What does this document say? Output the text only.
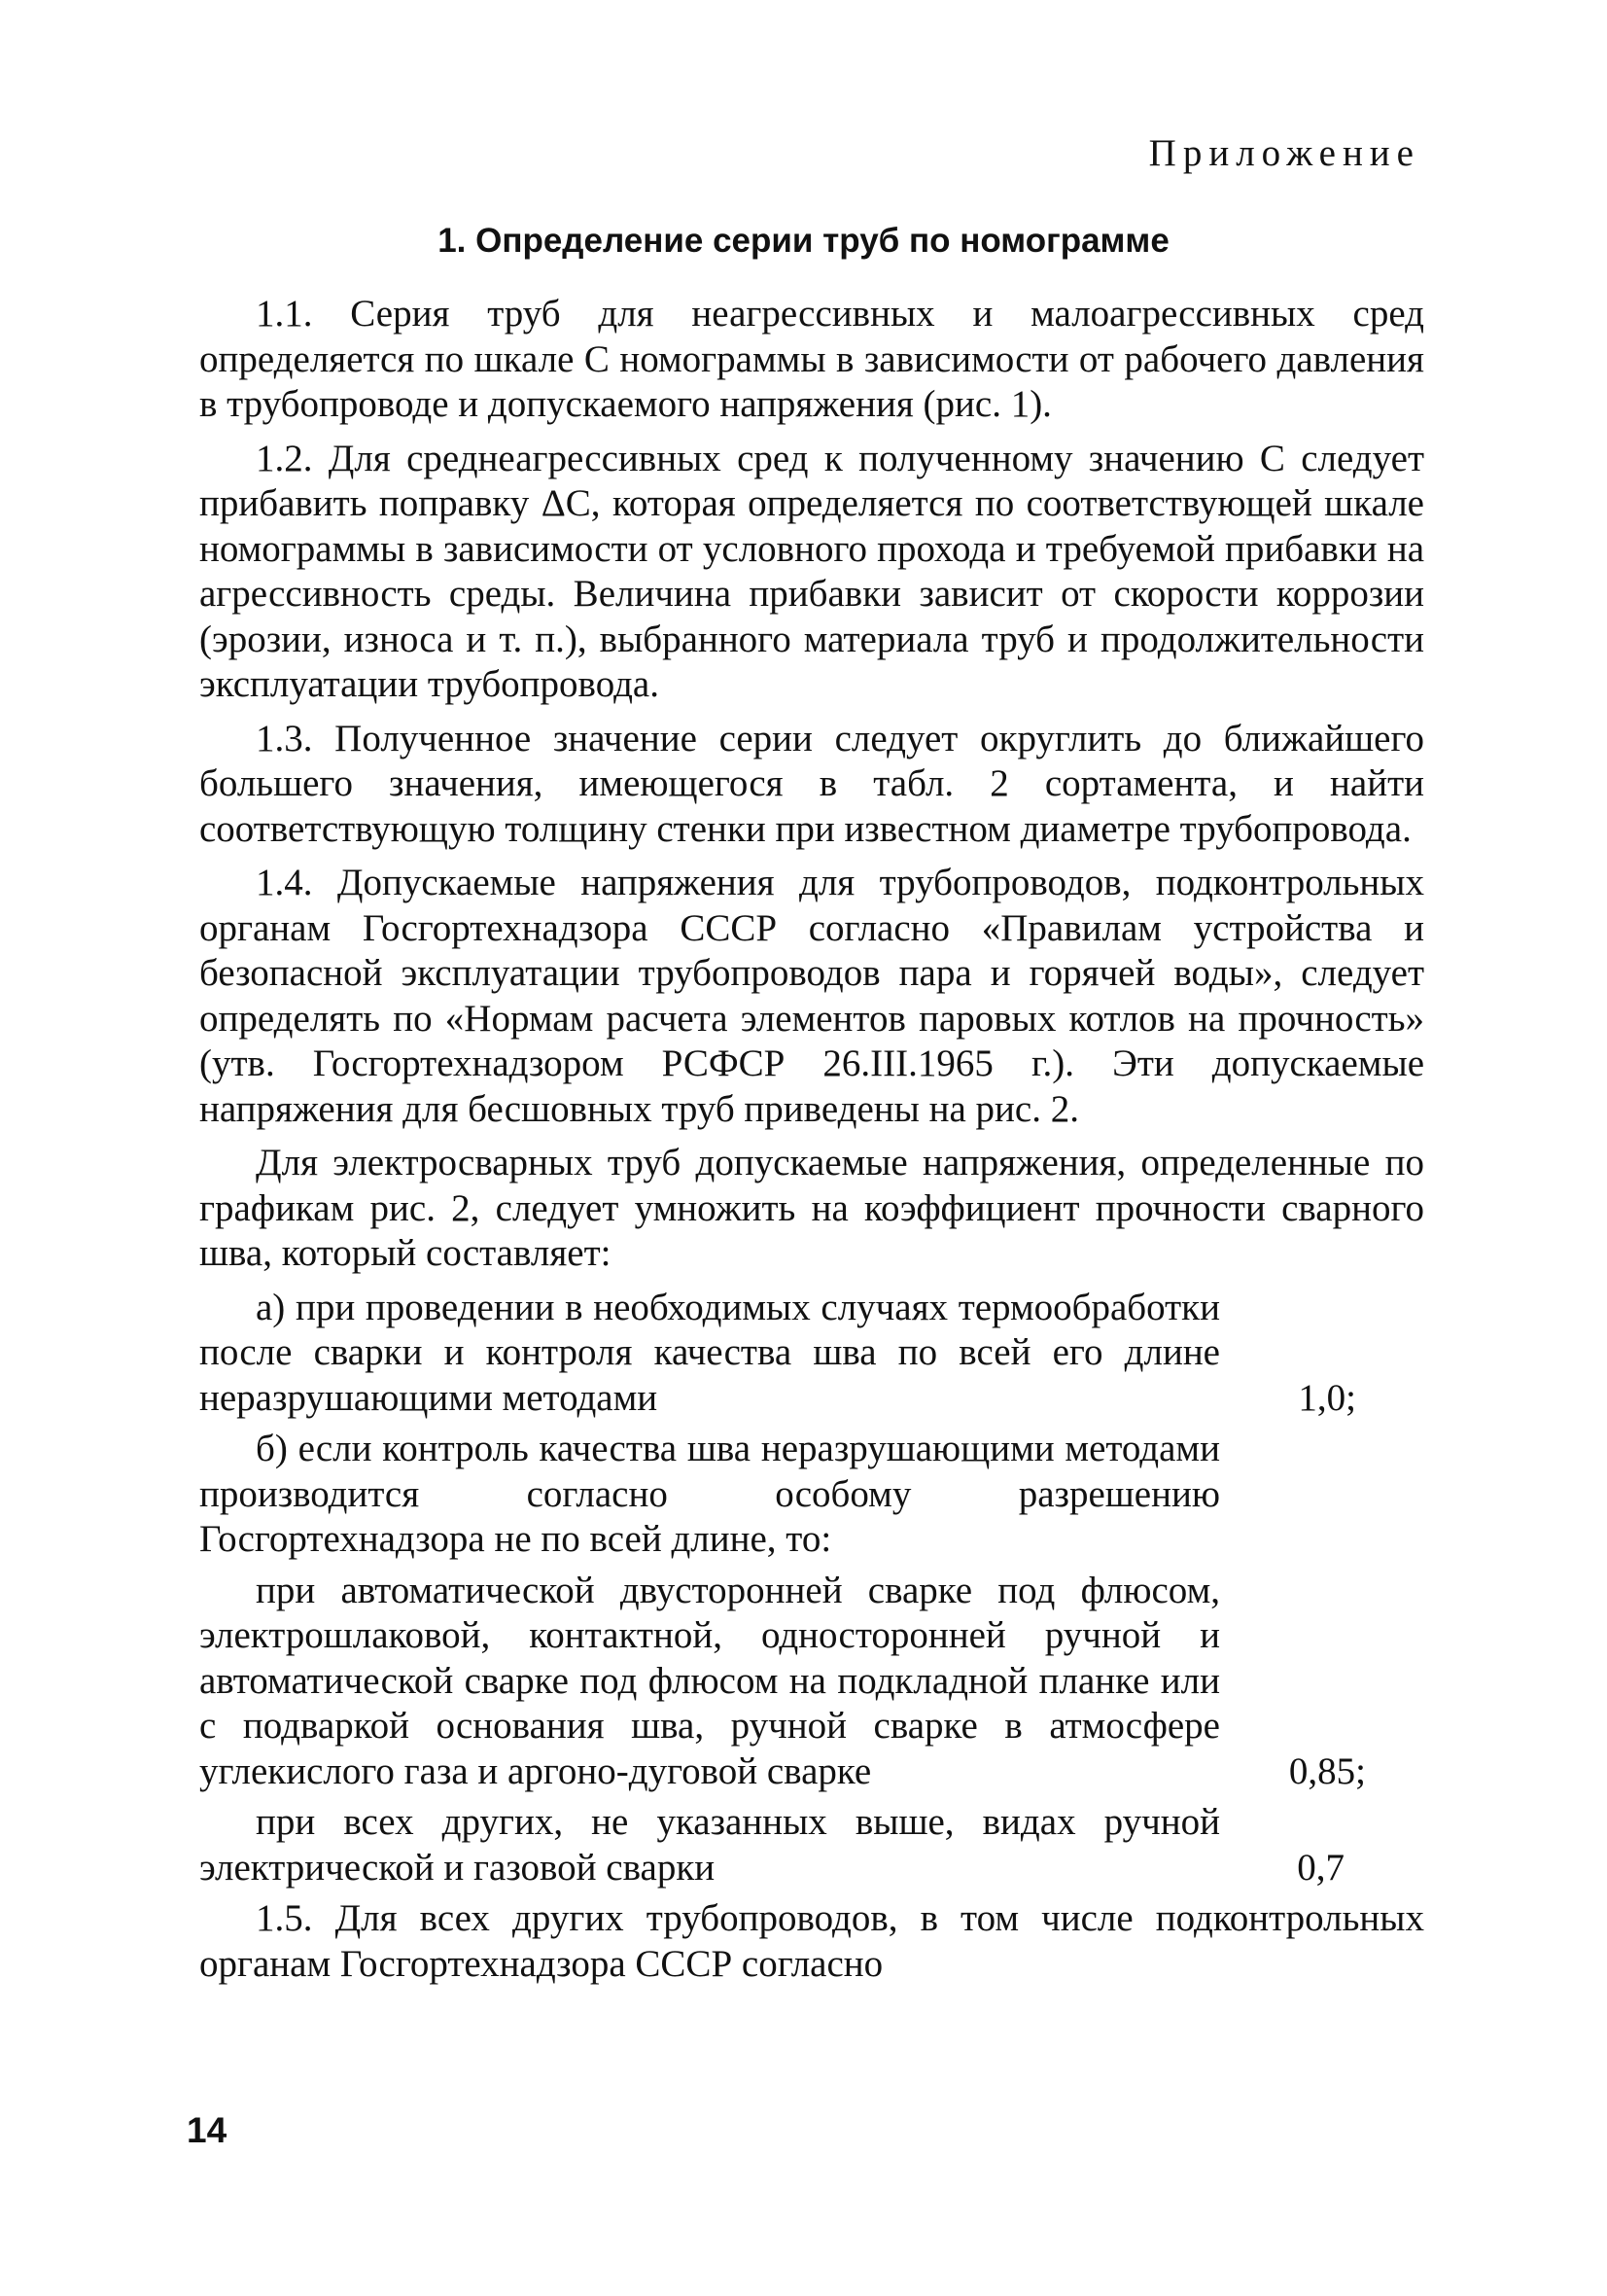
Приложение
1. Определение серии труб по номограмме

1.1. Серия труб для неагрессивных и малоагрессивных сред определяется по шкале С номограммы в зависимости от рабочего давления в трубопроводе и допускаемого напряжения (рис. 1).

1.2. Для среднеагрессивных сред к полученному значению С следует прибавить поправку ΔС, которая определяется по соответствующей шкале номограммы в зависимости от условного прохода и требуемой прибавки на агрессивность среды. Величина прибавки зависит от скорости коррозии (эрозии, износа и т. п.), выбранного материала труб и продолжительности эксплуатации трубопровода.

1.3. Полученное значение серии следует округлить до ближайшего большего значения, имеющегося в табл. 2 сортамента, и найти соответствующую толщину стенки при известном диаметре трубопровода.

1.4. Допускаемые напряжения для трубопроводов, подконтрольных органам Госгортехнадзора СССР согласно «Правилам устройства и безопасной эксплуатации трубопроводов пара и горячей воды», следует определять по «Нормам расчета элементов паровых котлов на прочность» (утв. Госгортехнадзором РСФСР 26.III.1965 г.). Эти допускаемые напряжения для бесшовных труб приведены на рис. 2.

Для электросварных труб допускаемые напряжения, определенные по графикам рис. 2, следует умножить на коэффициент прочности сварного шва, который составляет:

а) при проведении в необходимых случаях термообработки после сварки и контроля качества шва по всей его длине неразрушающими методами	1,0;
б) если контроль качества шва неразрушающими методами производится согласно особому разрешению Госгортехнадзора не по всей длине, то:
при автоматической двусторонней сварке под флюсом, электрошлаковой, контактной, односторонней ручной и автоматической сварке под флюсом на подкладной планке или с подваркой основания шва, ручной сварке в атмосфере углекислого газа и аргоно-дуговой сварке	0,85;
при всех других, не указанных выше, видах ручной электрической и газовой сварки	0,7

1.5. Для всех других трубопроводов, в том числе подконтрольных органам Госгортехнадзора СССР согласно

14
